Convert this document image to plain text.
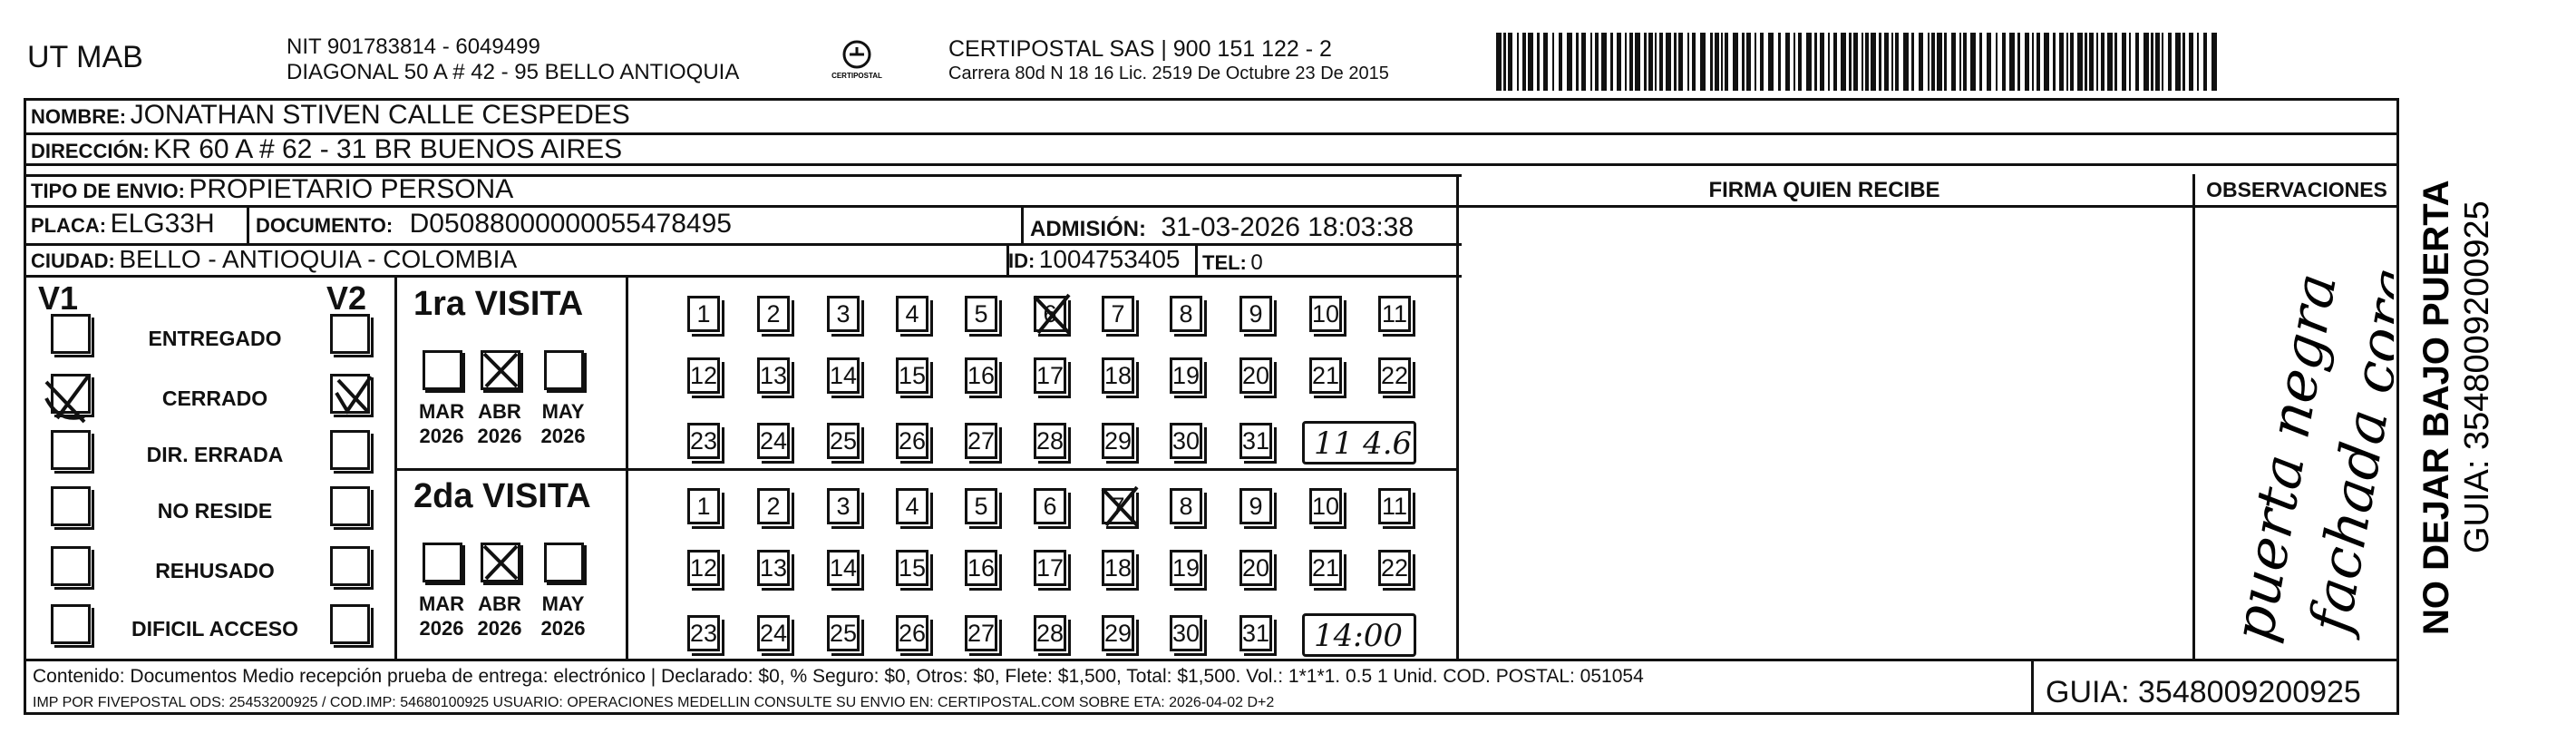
UT MAB	NIT 901783814 - 6049499
DIAGONAL 50 A # 42 - 95 BELLO ANTIOQUIA	CERTIPOSTAL
CERTIPOSTAL SAS | 900 151 122 - 2
Carrera 80d N 18 16 Lic. 2519 De Octubre 23 De 2015
NOMBRE: JONATHAN STIVEN CALLE CESPEDES
DIRECCIÓN: KR 60 A # 62 - 31 BR BUENOS AIRES
TIPO DE ENVIO: PROPIETARIO PERSONA
PLACA: ELG33H DOCUMENTO: D05088000000055478495	ADMISIÓN: 31-03-2026 18:03:38
CIUDAD: BELLO - ANTIOQUIA - COLOMBIA	ID: 1004753405 TEL: 0
FIRMA QUIEN RECIBE	OBSERVACIONES
puerta negra
fachada cora
V1	V2
ENTREGADO
CERRADO
DIR. ERRADA
NO RESIDE
REHUSADO
DIFICIL ACCESO
1ra VISITA
MAR
2026
ABR
2026
MAY
2026
1	2	3	4	5	6	7	8	9	10 11
12 13 14 15 16 17 18 19 20 21 22
23 24 25 26 27 28 29 30 31 11 4.6
2da VISITA
MAR
2026
ABR
2026
MAY
2026
1	2	3	4	5	6	7	8	9	10 11
12 13 14 15 16 17 18 19 20 21 22
23 24 25 26 27 28 29 30 31 14:00
Contenido: Documentos Medio recepción prueba de entrega: electrónico | Declarado: $0, % Seguro: $0, Otros: $0, Flete: $1,500, Total: $1,500. Vol.: 1*1*1. 0.5 1 Unid. COD. POSTAL: 051054
IMP POR FIVEPOSTAL ODS: 25453200925 / COD.IMP: 54680100925 USUARIO: OPERACIONES MEDELLIN CONSULTE SU ENVIO EN: CERTIPOSTAL.COM SOBRE ETA: 2026-04-02 D+2	GUIA: 3548009200925
NO DEJAR BAJO PUERTA GUIA: 3548009200925
